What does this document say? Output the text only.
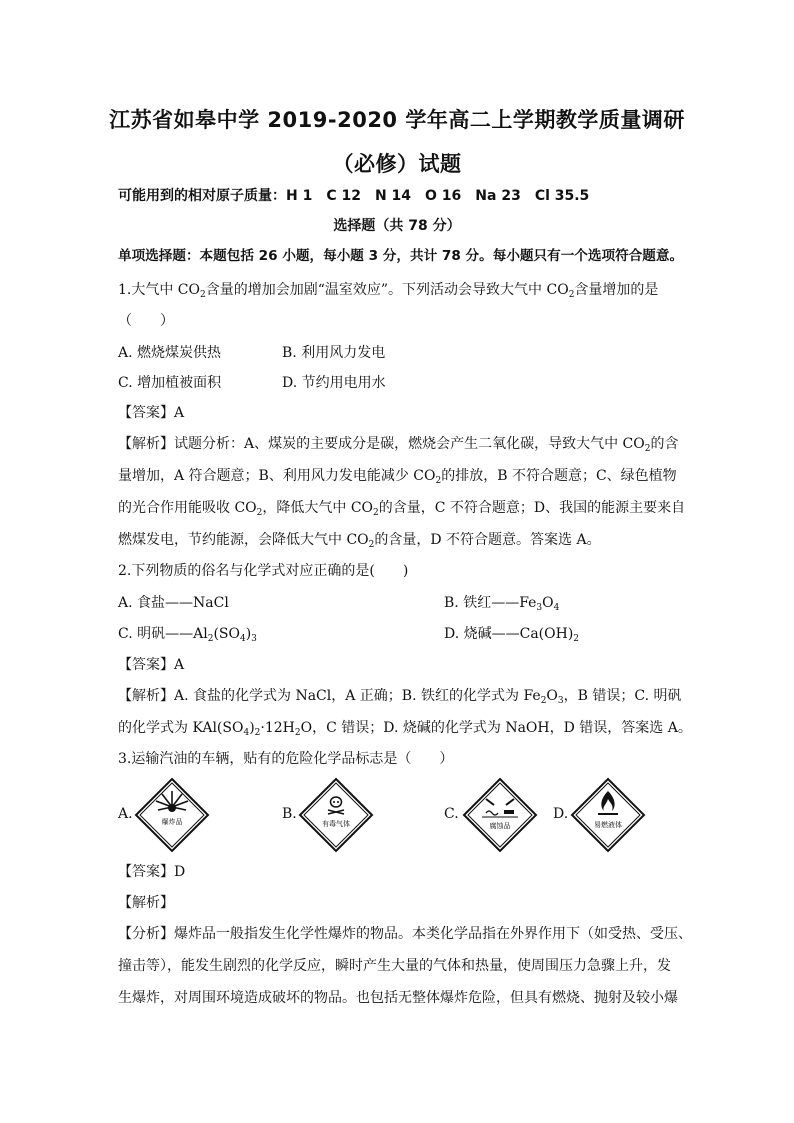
江苏省如皋中学 2019-2020 学年高二上学期教学质量调研
（必修）试题
可能用到的相对原子质量：H 1　C 12　N 14　O 16　Na 23　Cl 35.5
选择题（共 78 分）
单项选择题：本题包括 26 小题，每小题 3 分，共计 78 分。每小题只有一个选项符合题意。
1.大气中 $CO_2$含量的增加会加剧“温室效应”。下列活动会导致大气中 $CO_2$含量增加的是
（　　）
A. 燃烧煤炭供热	B. 利用风力发电
C. 增加植被面积	D. 节约用电用水
【答案】A
【解析】试题分析：A、煤炭的主要成分是碳，燃烧会产生二氧化碳，导致大气中 $CO_2$的含
量增加，A 符合题意；B、利用风力发电能减少 $CO_2$的排放，B 不符合题意；C、绿色植物
的光合作用能吸收 $CO_2$，降低大气中 $CO_2$的含量，C 不符合题意；D、我国的能源主要来自
燃煤发电，节约能源，会降低大气中 $CO_2$的含量，D 不符合题意。答案选 A。
2.下列物质的俗名与化学式对应正确的是(　　)
A. 食盐——NaCl	B. 铁红$——Fe_3O_4$
C. 明矾$——Al_2(SO_4)_3$	D. 烧碱$——Ca(OH)_2$
【答案】A
【解析】A. 食盐的化学式为 NaCl，A 正确；B. 铁红的化学式为 $Fe_2O_3$，B 错误；C. 明矾
的化学式为 $KAl(SO_4)_2\cdot 12H_2O$，C 错误；D. 烧碱的化学式为 NaOH，D 错误，答案选 A。
3.运输汽油的车辆，贴有的危险化学品标志是（　　）
A.	B.	C.	D.
爆炸品	有毒气体	腐蚀品	易燃液体
【答案】D
【解析】
【分析】爆炸品一般指发生化学性爆炸的物品。本类化学品指在外界作用下（如受热、受压、
撞击等），能发生剧烈的化学反应，瞬时产生大量的气体和热量，使周围压力急骤上升，发
生爆炸，对周围环境造成破坏的物品。也包括无整体爆炸危险，但具有燃烧、抛射及较小爆
